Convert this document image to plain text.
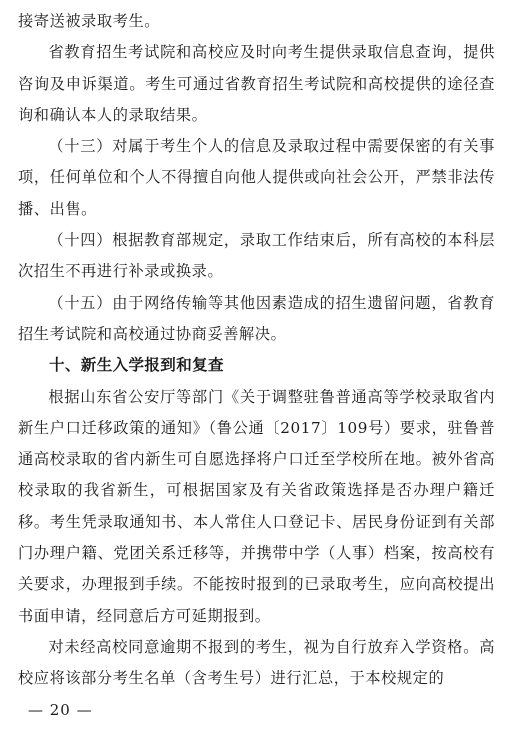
接寄送被录取考生。

省教育招生考试院和高校应及时向考生提供录取信息查询，提供咨询及申诉渠道。考生可通过省教育招生考试院和高校提供的途径查询和确认本人的录取结果。

（十三）对属于考生个人的信息及录取过程中需要保密的有关事项，任何单位和个人不得擅自向他人提供或向社会公开，严禁非法传播、出售。

（十四）根据教育部规定，录取工作结束后，所有高校的本科层次招生不再进行补录或换录。

（十五）由于网络传输等其他因素造成的招生遗留问题，省教育招生考试院和高校通过协商妥善解决。

十、新生入学报到和复查

根据山东省公安厅等部门《关于调整驻鲁普通高等学校录取省内新生户口迁移政策的通知》（鲁公通〔2017〕109号）要求，驻鲁普通高校录取的省内新生可自愿选择将户口迁至学校所在地。被外省高校录取的我省新生，可根据国家及有关省政策选择是否办理户籍迁移。考生凭录取通知书、本人常住人口登记卡、居民身份证到有关部门办理户籍、党团关系迁移等，并携带中学（人事）档案，按高校有关要求，办理报到手续。不能按时报到的已录取考生，应向高校提出书面申请，经同意后方可延期报到。

对未经高校同意逾期不报到的考生，视为自行放弃入学资格。高校应将该部分考生名单（含考生号）进行汇总，于本校规定的

— 20 —
